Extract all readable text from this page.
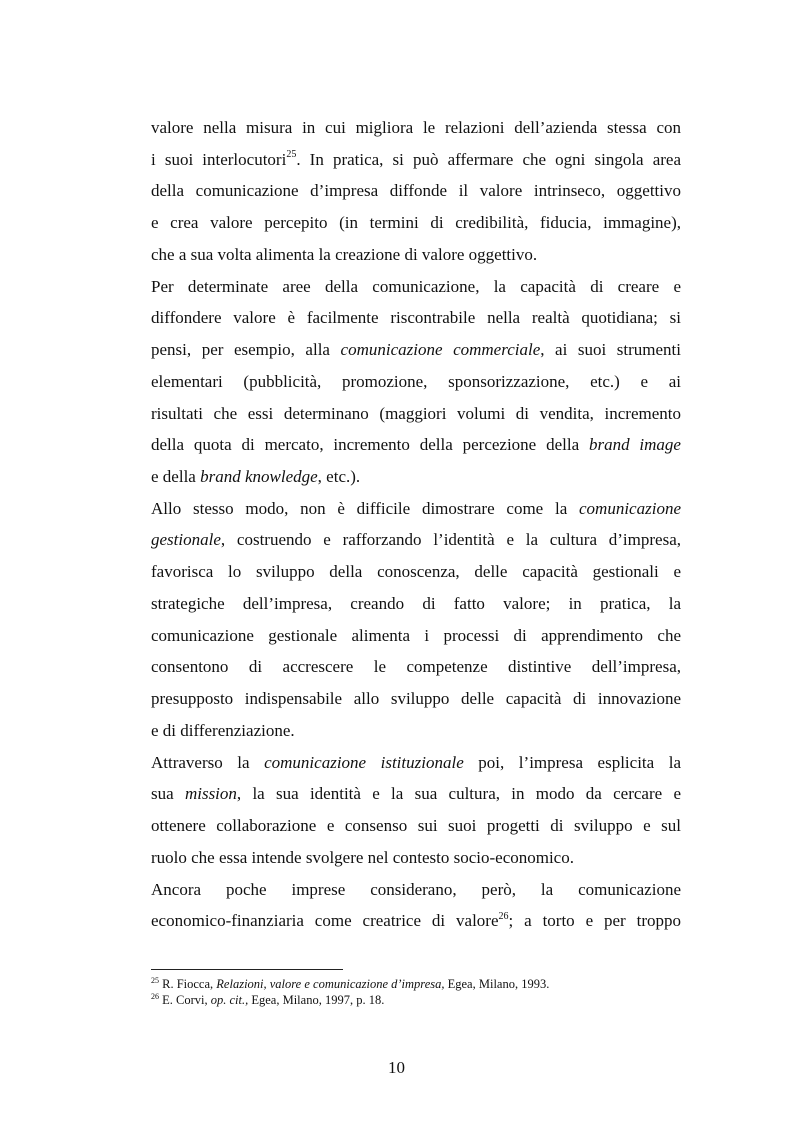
valore nella misura in cui migliora le relazioni dell’azienda stessa con
i suoi interlocutori$^{25}$. In pratica, si può affermare che ogni singola area
della comunicazione d’impresa diffonde il valore intrinseco, oggettivo
e crea valore percepito (in termini di credibilità, fiducia, immagine),
che a sua volta alimenta la creazione di valore oggettivo.
Per determinate aree della comunicazione, la capacità di creare e
diffondere valore è facilmente riscontrabile nella realtà quotidiana; si
pensi, per esempio, alla comunicazione commerciale, ai suoi strumenti
elementari (pubblicità, promozione, sponsorizzazione, etc.) e ai
risultati che essi determinano (maggiori volumi di vendita, incremento
della quota di mercato, incremento della percezione della brand image
e della brand knowledge, etc.).
Allo stesso modo, non è difficile dimostrare come la comunicazione
gestionale, costruendo e rafforzando l’identità e la cultura d’impresa,
favorisca lo sviluppo della conoscenza, delle capacità gestionali e
strategiche dell’impresa, creando di fatto valore; in pratica, la
comunicazione gestionale alimenta i processi di apprendimento che
consentono di accrescere le competenze distintive dell’impresa,
presupposto indispensabile allo sviluppo delle capacità di innovazione
e di differenziazione.
Attraverso la comunicazione istituzionale poi, l’impresa esplicita la
sua mission, la sua identità e la sua cultura, in modo da cercare e
ottenere collaborazione e consenso sui suoi progetti di sviluppo e sul
ruolo che essa intende svolgere nel contesto socio-economico.
Ancora poche imprese considerano, però, la comunicazione
economico-finanziaria come creatrice di valore$^{26}$; a torto e per troppo
$^{25}$ R. Fiocca, Relazioni, valore e comunicazione d’impresa, Egea, Milano, 1993.
$^{26}$ E. Corvi, op. cit., Egea, Milano, 1997, p. 18.
10
